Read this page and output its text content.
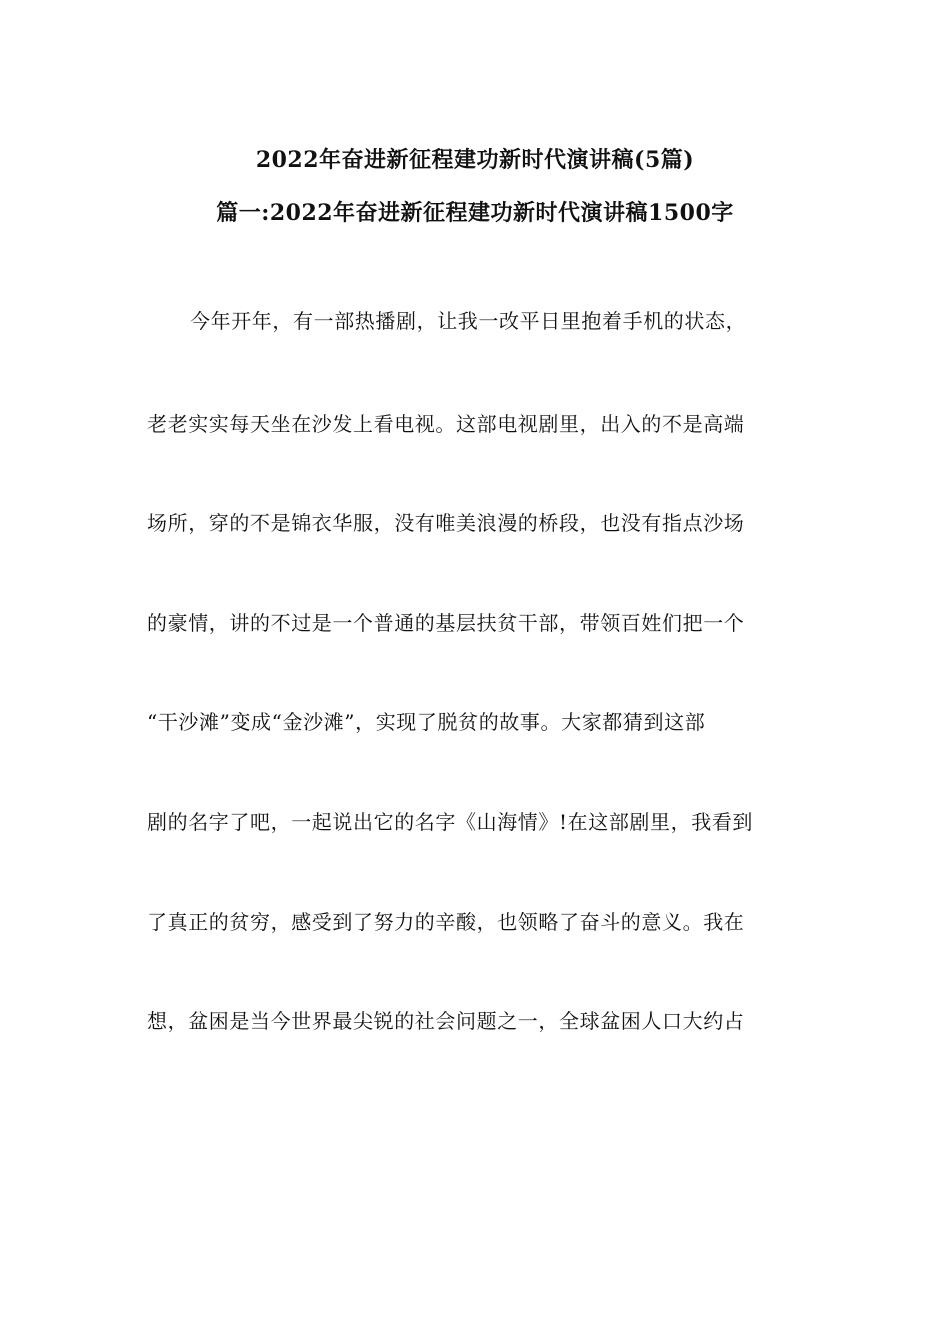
2022年奋进新征程建功新时代演讲稿(5篇)
篇一:2022年奋进新征程建功新时代演讲稿1500字
今年开年，有一部热播剧，让我一改平日里抱着手机的状态，
老老实实每天坐在沙发上看电视。这部电视剧里，出入的不是高端
场所，穿的不是锦衣华服，没有唯美浪漫的桥段，也没有指点沙场
的豪情，讲的不过是一个普通的基层扶贫干部，带领百姓们把一个
“干沙滩”变成“金沙滩”，实现了脱贫的故事。大家都猜到这部
剧的名字了吧，一起说出它的名字《山海情》!在这部剧里，我看到
了真正的贫穷，感受到了努力的辛酸，也领略了奋斗的意义。我在
想，盆困是当今世界最尖锐的社会问题之一，全球盆困人口大约占
